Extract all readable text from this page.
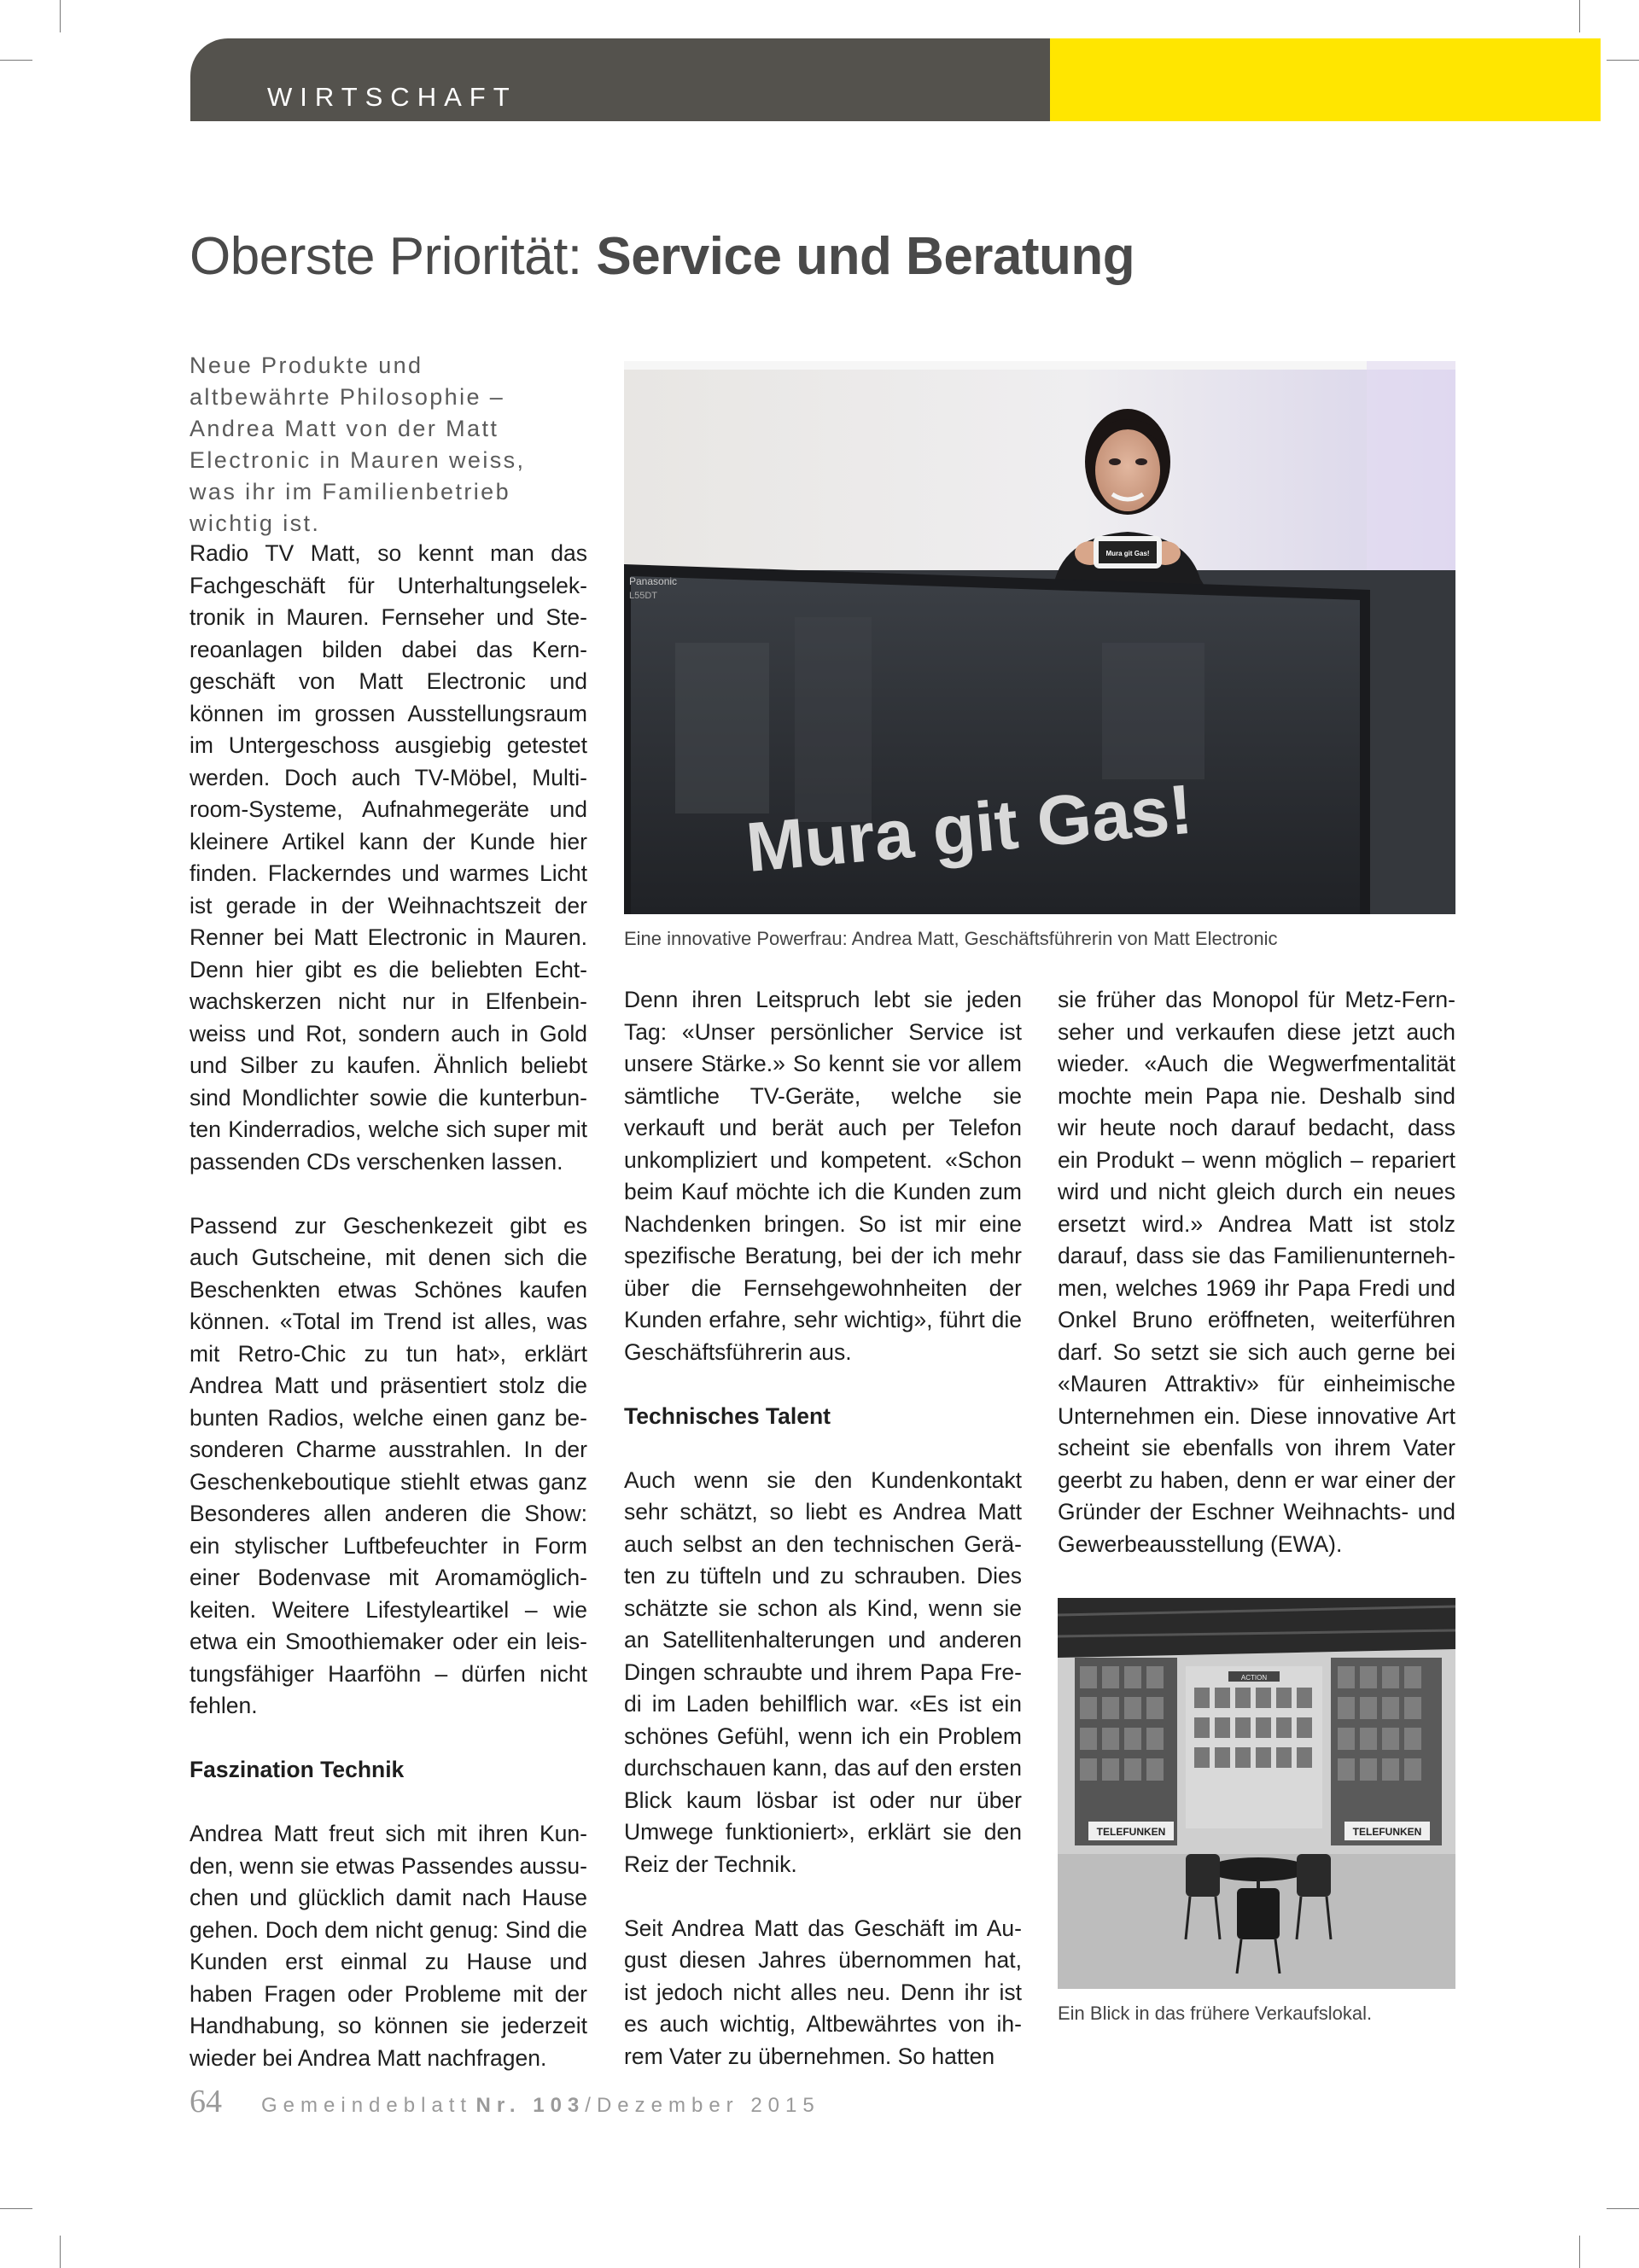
WIRTSCHAFT
Oberste Priorität: Service und Beratung
Neue Produkte und altbewährte Philosophie – Andrea Matt von der Matt Electronic in Mauren weiss, was ihr im Familienbetrieb wichtig ist.

Radio TV Matt, so kennt man das Fachgeschäft für Unterhaltungselektronik in Mauren. Fernseher und Stereoanlagen bilden dabei das Kerngeschäft von Matt Electronic und können im grossen Ausstellungsraum im Untergeschoss ausgiebig getestet werden. Doch auch TV-Möbel, Multiroom-Systeme, Aufnahmegeräte und kleinere Artikel kann der Kunde hier finden. Flackerndes und warmes Licht ist gerade in der Weihnachtszeit der Renner bei Matt Electronic in Mauren. Denn hier gibt es die beliebten Echtwachskerzen nicht nur in Elfenbeinweiss und Rot, sondern auch in Gold und Silber zu kaufen. Ähnlich beliebt sind Mondlichter sowie die kunterbunten Kinderradios, welche sich super mit passenden CDs verschenken lassen.

Passend zur Geschenkezeit gibt es auch Gutscheine, mit denen sich die Beschenkten etwas Schönes kaufen können. «Total im Trend ist alles, was mit Retro-Chic zu tun hat», erklärt Andrea Matt und präsentiert stolz die bunten Radios, welche einen ganz besonderen Charme ausstrahlen. In der Geschenkeboutique stiehlt etwas ganz Besonderes allen anderen die Show: ein stylischer Luftbefeuchter in Form einer Bodenvase mit Aromamöglichkeiten. Weitere Lifestyleartikel – wie etwa ein Smoothiemaker oder ein leistungsfähiger Haarföhn – dürfen nicht fehlen.

Faszination Technik

Andrea Matt freut sich mit ihren Kunden, wenn sie etwas Passendes aussuchen und glücklich damit nach Hause gehen. Doch dem nicht genug: Sind die Kunden erst einmal zu Hause und haben Fragen oder Probleme mit der Handhabung, so können sie jederzeit wieder bei Andrea Matt nachfragen.

Mura git Gas!
Panasonic
L55DT
Mura git Gas!
Eine innovative Powerfrau: Andrea Matt, Geschäftsführerin von Matt Electronic

Denn ihren Leitspruch lebt sie jeden Tag: «Unser persönlicher Service ist unsere Stärke.» So kennt sie vor allem sämtliche TV-Geräte, welche sie verkauft und berät auch per Telefon unkompliziert und kompetent. «Schon beim Kauf möchte ich die Kunden zum Nachdenken bringen. So ist mir eine spezifische Beratung, bei der ich mehr über die Fernsehgewohnheiten der Kunden erfahre, sehr wichtig», führt die Geschäftsführerin aus.

Technisches Talent

Auch wenn sie den Kundenkontakt sehr schätzt, so liebt es Andrea Matt auch selbst an den technischen Geräten zu tüfteln und zu schrauben. Dies schätzte sie schon als Kind, wenn sie an Satellitenhalterungen und anderen Dingen schraubte und ihrem Papa Fredi im Laden behilflich war. «Es ist ein schönes Gefühl, wenn ich ein Problem durchschauen kann, das auf den ersten Blick kaum lösbar ist oder nur über Umwege funktioniert», erklärt sie den Reiz der Technik.

Seit Andrea Matt das Geschäft im August diesen Jahres übernommen hat, ist jedoch nicht alles neu. Denn ihr ist es auch wichtig, Altbewährtes von ihrem Vater zu übernehmen. So hatten

sie früher das Monopol für Metz-Fernseher und verkaufen diese jetzt auch wieder. «Auch die Wegwerfmentalität mochte mein Papa nie. Deshalb sind wir heute noch darauf bedacht, dass ein Produkt – wenn möglich – repariert wird und nicht gleich durch ein neues ersetzt wird.» Andrea Matt ist stolz darauf, dass sie das Familienunternehmen, welches 1969 ihr Papa Fredi und Onkel Bruno eröffneten, weiterführen darf. So setzt sie sich auch gerne bei «Mauren Attraktiv» für einheimische Unternehmen ein. Diese innovative Art scheint sie ebenfalls von ihrem Vater geerbt zu haben, denn er war einer der Gründer der Eschner Weihnachts- und Gewerbeausstellung (EWA).

ACTION
TELEFUNKEN	TELEFUNKEN
Ein Blick in das frühere Verkaufslokal.
64 Gemeindeblatt Nr. 103/Dezember 2015
